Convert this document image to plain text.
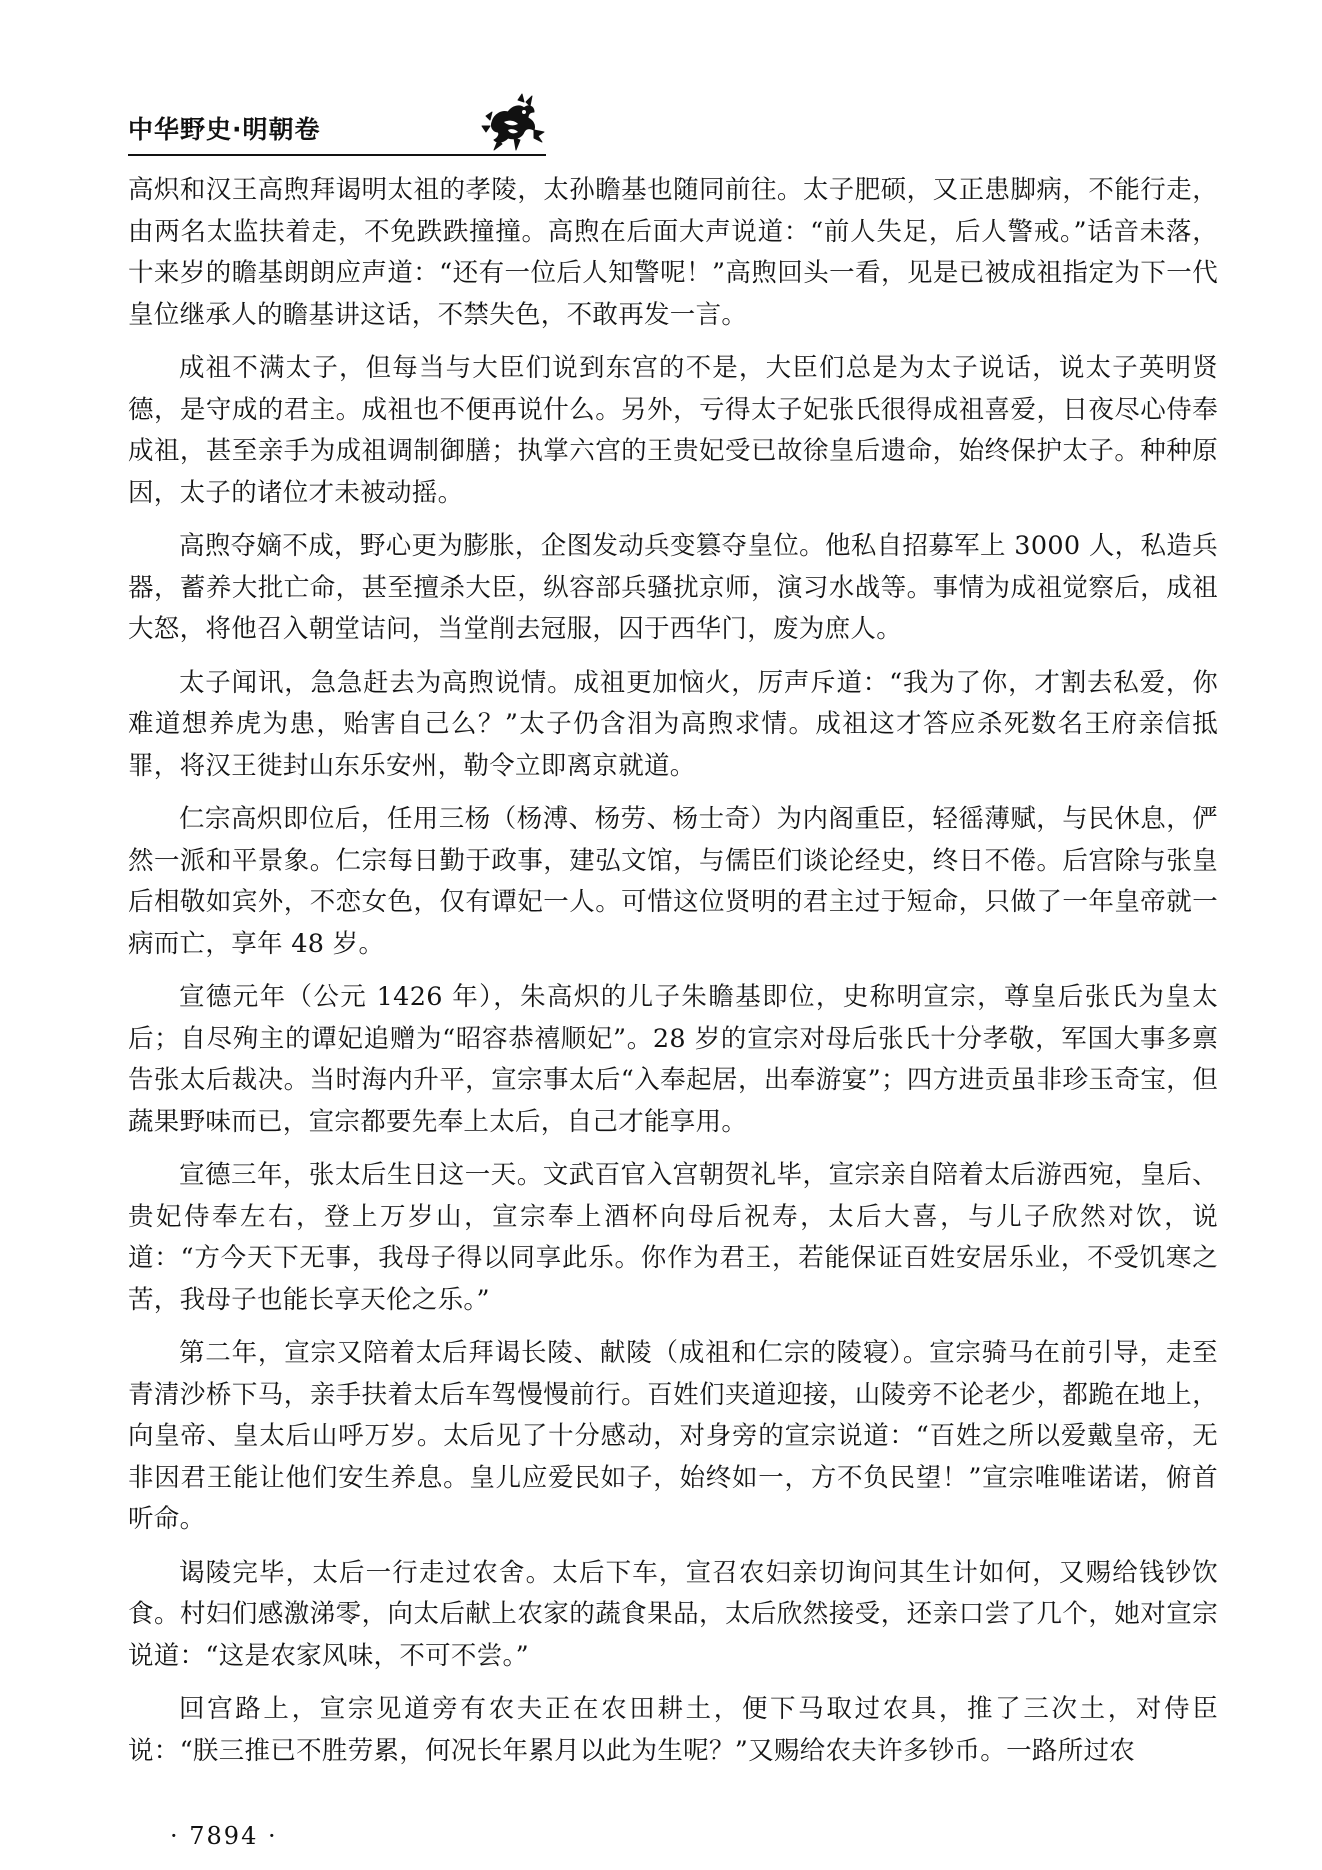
中华野史·明朝卷

高炽和汉王高煦拜谒明太祖的孝陵，太孙瞻基也随同前往。太子肥硕，又正患脚病，不能行走，由两名太监扶着走，不免跌跌撞撞。高煦在后面大声说道：“前人失足，后人警戒。”话音未落，十来岁的瞻基朗朗应声道：“还有一位后人知警呢！”高煦回头一看，见是已被成祖指定为下一代皇位继承人的瞻基讲这话，不禁失色，不敢再发一言。

成祖不满太子，但每当与大臣们说到东宫的不是，大臣们总是为太子说话，说太子英明贤德，是守成的君主。成祖也不便再说什么。另外，亏得太子妃张氏很得成祖喜爱，日夜尽心侍奉成祖，甚至亲手为成祖调制御膳；执掌六宫的王贵妃受已故徐皇后遗命，始终保护太子。种种原因，太子的诸位才未被动摇。

高煦夺嫡不成，野心更为膨胀，企图发动兵变篡夺皇位。他私自招募军上 3000 人，私造兵器，蓄养大批亡命，甚至擅杀大臣，纵容部兵骚扰京师，演习水战等。事情为成祖觉察后，成祖大怒，将他召入朝堂诘问，当堂削去冠服，囚于西华门，废为庶人。

太子闻讯，急急赶去为高煦说情。成祖更加恼火，厉声斥道：“我为了你，才割去私爱，你难道想养虎为患，贻害自己么？”太子仍含泪为高煦求情。成祖这才答应杀死数名王府亲信抵罪，将汉王徙封山东乐安州，勒令立即离京就道。

仁宗高炽即位后，任用三杨（杨溥、杨劳、杨士奇）为内阁重臣，轻徭薄赋，与民休息，俨然一派和平景象。仁宗每日勤于政事，建弘文馆，与儒臣们谈论经史，终日不倦。后宫除与张皇后相敬如宾外，不恋女色，仅有谭妃一人。可惜这位贤明的君主过于短命，只做了一年皇帝就一病而亡，享年 48 岁。

宣德元年（公元 1426 年），朱高炽的儿子朱瞻基即位，史称明宣宗，尊皇后张氏为皇太后；自尽殉主的谭妃追赠为“昭容恭禧顺妃”。28 岁的宣宗对母后张氏十分孝敬，军国大事多禀告张太后裁决。当时海内升平，宣宗事太后“入奉起居，出奉游宴”；四方进贡虽非珍玉奇宝，但蔬果野味而已，宣宗都要先奉上太后，自己才能享用。

宣德三年，张太后生日这一天。文武百官入宫朝贺礼毕，宣宗亲自陪着太后游西宛，皇后、贵妃侍奉左右，登上万岁山，宣宗奉上酒杯向母后祝寿，太后大喜，与儿子欣然对饮，说道：“方今天下无事，我母子得以同享此乐。你作为君王，若能保证百姓安居乐业，不受饥寒之苦，我母子也能长享天伦之乐。”

第二年，宣宗又陪着太后拜谒长陵、献陵（成祖和仁宗的陵寝）。宣宗骑马在前引导，走至青清沙桥下马，亲手扶着太后车驾慢慢前行。百姓们夹道迎接，山陵旁不论老少，都跪在地上，向皇帝、皇太后山呼万岁。太后见了十分感动，对身旁的宣宗说道：“百姓之所以爱戴皇帝，无非因君王能让他们安生养息。皇儿应爱民如子，始终如一，方不负民望！”宣宗唯唯诺诺，俯首听命。

谒陵完毕，太后一行走过农舍。太后下车，宣召农妇亲切询问其生计如何，又赐给钱钞饮食。村妇们感激涕零，向太后献上农家的蔬食果品，太后欣然接受，还亲口尝了几个，她对宣宗说道：“这是农家风味，不可不尝。”

回宫路上，宣宗见道旁有农夫正在农田耕土，便下马取过农具，推了三次土，对侍臣说：“朕三推已不胜劳累，何况长年累月以此为生呢？”又赐给农夫许多钞币。一路所过农

· 7894 ·
